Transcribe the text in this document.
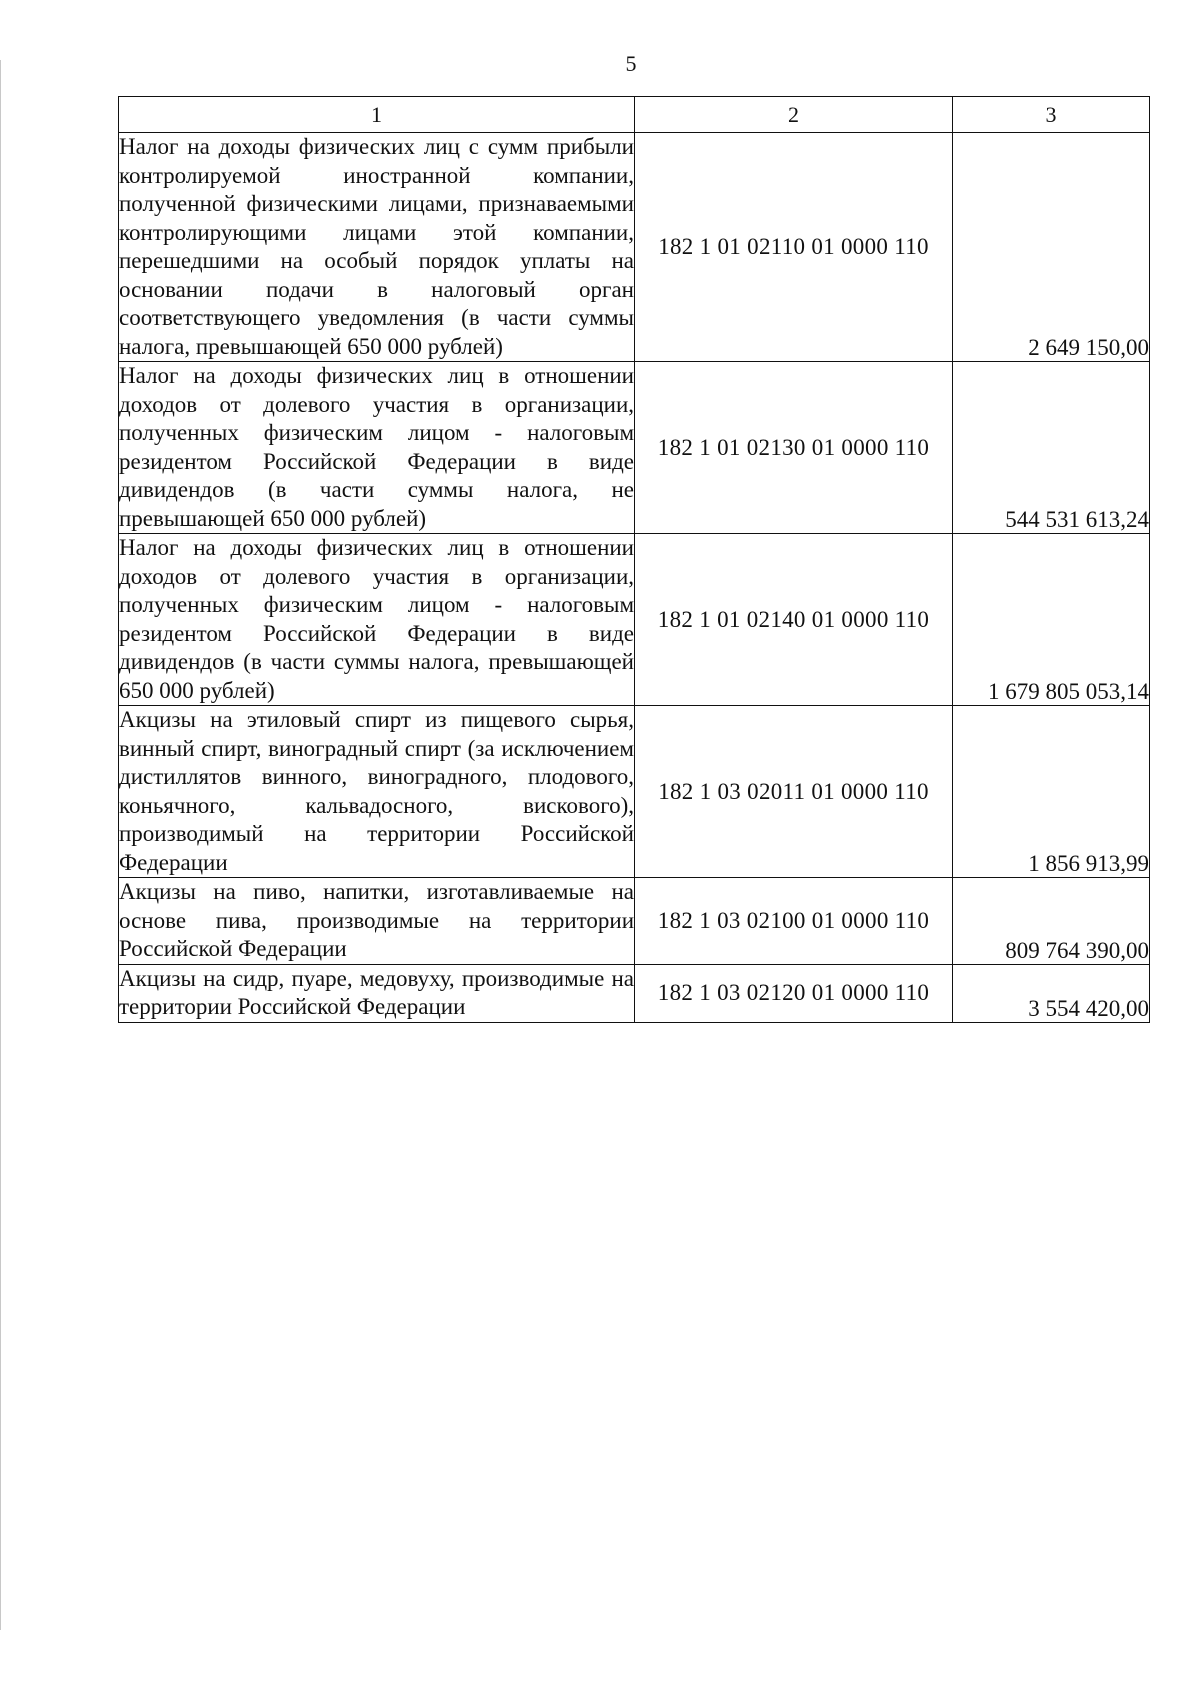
5
1	2	3
Налог на доходы физических лиц с сумм прибыли контролируемой иностранной компании, полученной физическими лицами, признаваемыми контролирующими лицами этой компании, перешедшими на особый порядок уплаты на основании подачи в налоговый орган соответствующего уведомления (в части суммы налога, превышающей 650 000 рублей)	182 1 01 02110 01 0000 110	2 649 150,00
Налог на доходы физических лиц в отношении доходов от долевого участия в организации, полученных физическим лицом - налоговым резидентом Российской Федерации в виде дивидендов (в части суммы налога, не превышающей 650 000 рублей)	182 1 01 02130 01 0000 110	544 531 613,24
Налог на доходы физических лиц в отношении доходов от долевого участия в организации, полученных физическим лицом - налоговым резидентом Российской Федерации в виде дивидендов (в части суммы налога, превышающей 650 000 рублей)	182 1 01 02140 01 0000 110	1 679 805 053,14
Акцизы на этиловый спирт из пищевого сырья, винный спирт, виноградный спирт (за исключением дистиллятов винного, виноградного, плодового, коньячного, кальвадосного, вискового), производимый на территории Российской Федерации	182 1 03 02011 01 0000 110	1 856 913,99
Акцизы на пиво, напитки, изготавливаемые на основе пива, производимые на территории Российской Федерации	182 1 03 02100 01 0000 110	809 764 390,00
Акцизы на сидр, пуаре, медовуху, производимые на территории Российской Федерации	182 1 03 02120 01 0000 110	3 554 420,00
